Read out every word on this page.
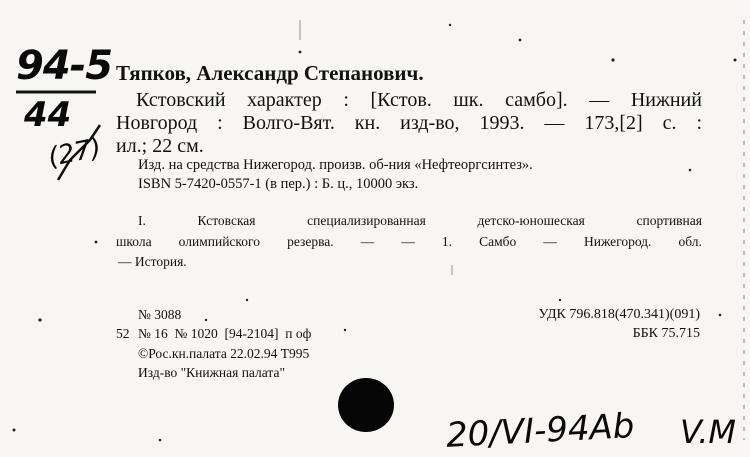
94-5
44
(27)
20/VI-94Ab V.M
Тяпков, Александр Степанович.
Кстовский характер : [Кстов. шк. самбо]. — Нижний
Новгород : Волго-Вят. кн. изд-во, 1993. — 173,[2] с. :
ил.; 22 см.
Изд. на средства Нижегород. произв. об-ния «Нефтеоргсинтез».
ISBN 5-7420-0557-1 (в пер.) : Б. ц., 10000 экз.
I.	Кстовская	специализированная	детско-юношеская	спортивная
школа олимпийского резерва. — — 1. Самбо — Нижегород. обл.
— История.
№ 3088
52 № 16  № 1020  [94-2104]  п оф
©Рос.кн.палата 22.02.94 Т995
Изд-во "Книжная палата"
УДК 796.818(470.341)(091)
ББК 75.715
